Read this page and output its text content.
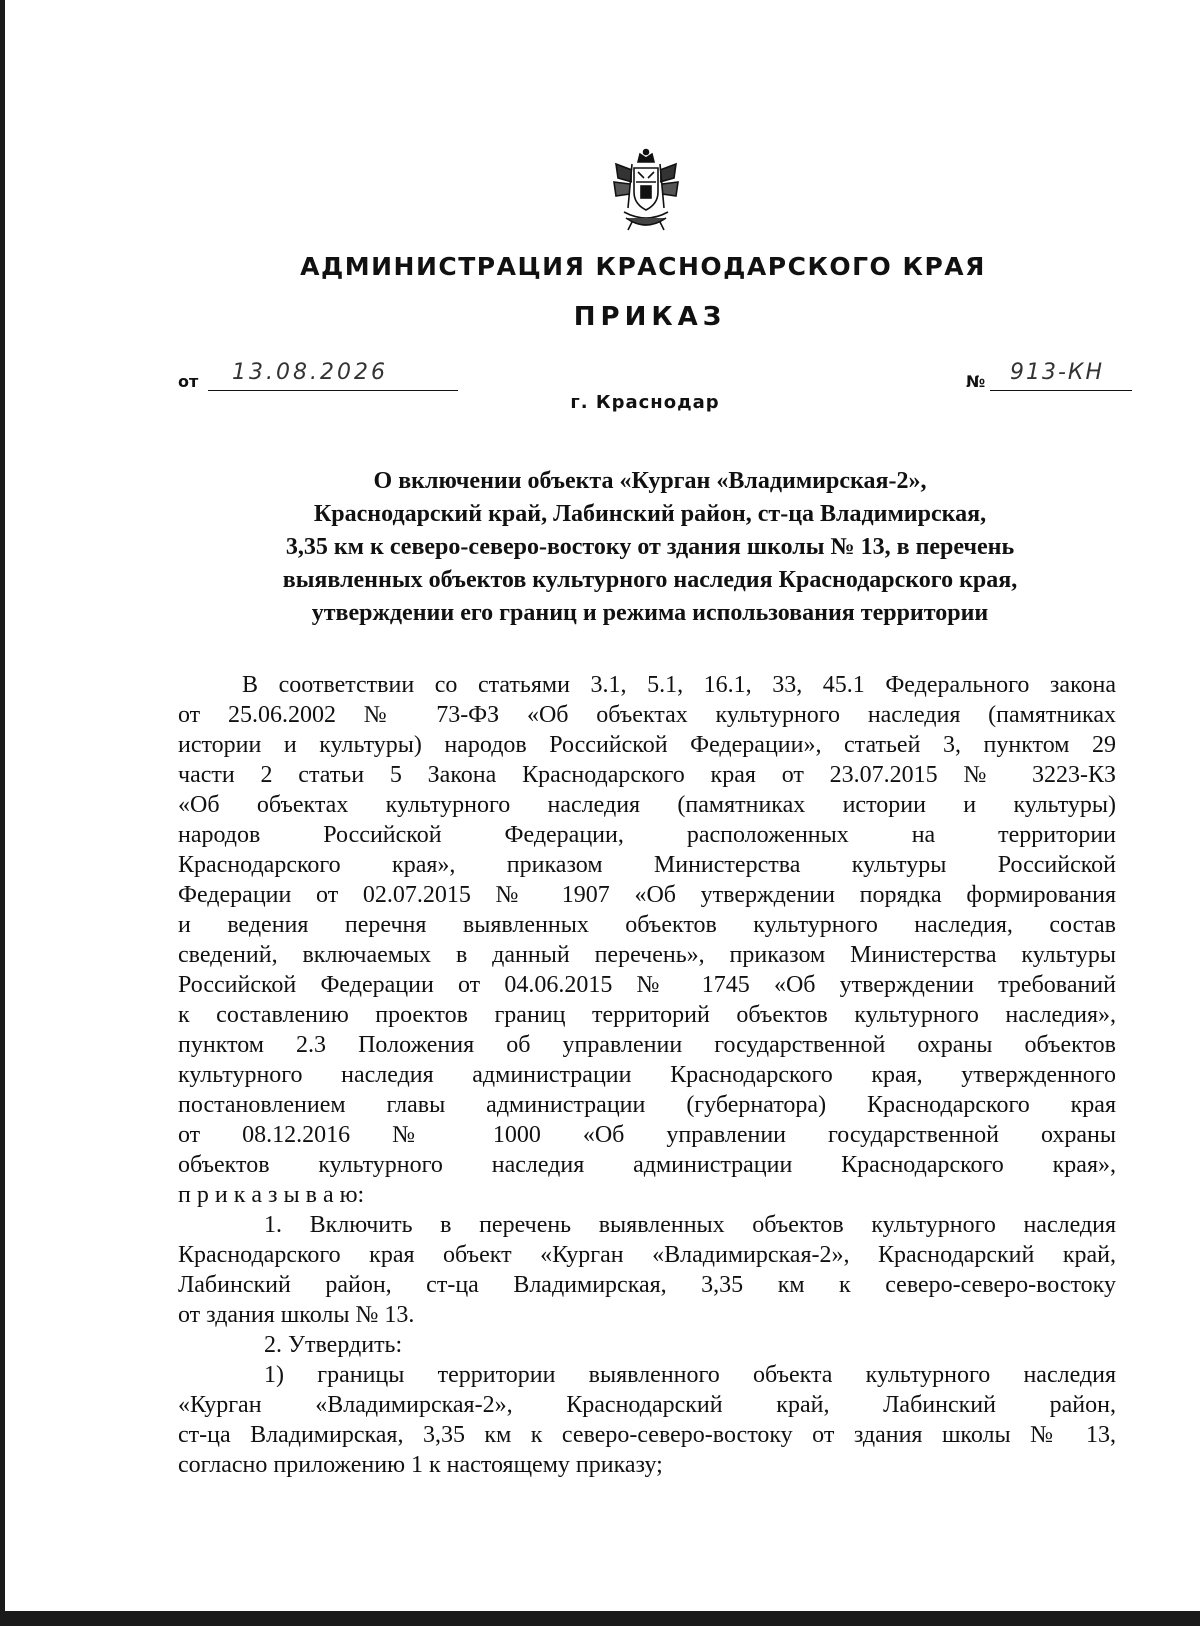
АДМИНИСТРАЦИЯ КРАСНОДАРСКОГО КРАЯ
ПРИКАЗ
от 13.08.2026	№ 913-КН
г. Краснодар
О включении объекта «Курган «Владимирская-2»,
Краснодарский край, Лабинский район, ст-ца Владимирская,
3,35 км к северо-северо-востоку от здания школы № 13, в перечень
выявленных объектов культурного наследия Краснодарского края,
утверждении его границ и режима использования территории
В соответствии со статьями 3.1, 5.1, 16.1, 33, 45.1 Федерального закона
от 25.06.2002 № 73-ФЗ «Об объектах культурного наследия (памятниках
истории и культуры) народов Российской Федерации», статьей 3, пунктом 29
части 2 статьи 5 Закона Краснодарского края от 23.07.2015 № 3223-КЗ
«Об объектах культурного наследия (памятниках истории и культуры)
народов Российской Федерации, расположенных на территории
Краснодарского края», приказом Министерства культуры Российской
Федерации от 02.07.2015 № 1907 «Об утверждении порядка формирования
и ведения перечня выявленных объектов культурного наследия, состав
сведений, включаемых в данный перечень», приказом Министерства культуры
Российской Федерации от 04.06.2015 № 1745 «Об утверждении требований
к составлению проектов границ территорий объектов культурного наследия»,
пунктом 2.3 Положения об управлении государственной охраны объектов
культурного наследия администрации Краснодарского края, утвержденного
постановлением главы администрации (губернатора) Краснодарского края
от 08.12.2016 № 1000 «Об управлении государственной охраны
объектов культурного наследия администрации Краснодарского края»,
п р и к а з ы в а ю:
1. Включить в перечень выявленных объектов культурного наследия
Краснодарского края объект «Курган «Владимирская-2», Краснодарский край,
Лабинский район, ст-ца Владимирская, 3,35 км к северо-северо-востоку
от здания школы № 13.
2. Утвердить:
1) границы территории выявленного объекта культурного наследия
«Курган «Владимирская-2», Краснодарский край, Лабинский район,
ст-ца Владимирская, 3,35 км к северо-северо-востоку от здания школы № 13,
согласно приложению 1 к настоящему приказу;
